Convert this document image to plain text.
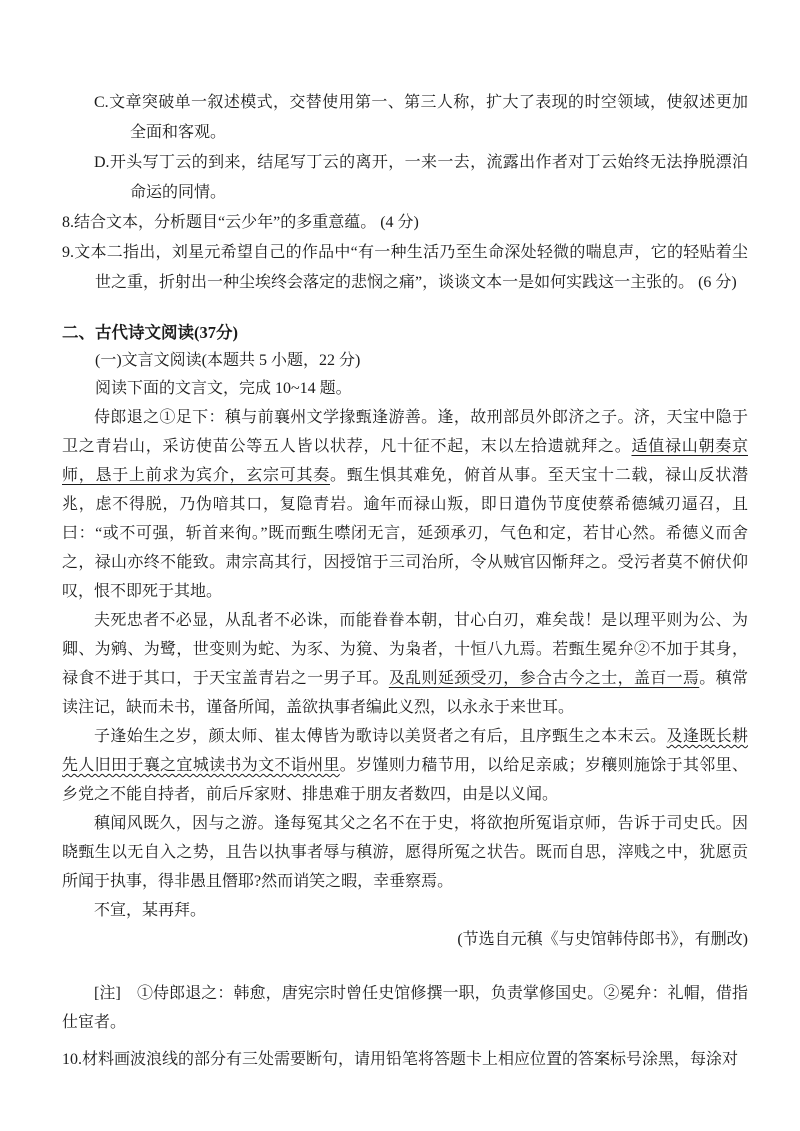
C.文章突破单一叙述模式，交替使用第一、第三人称，扩大了表现的时空领域，使叙述更加全面和客观。

D.开头写丁云的到来，结尾写丁云的离开，一来一去，流露出作者对丁云始终无法挣脱漂泊命运的同情。

8.结合文本，分析题目“云少年”的多重意蕴。 (4 分)

9.文本二指出，刘星元希望自己的作品中“有一种生活乃至生命深处轻微的喘息声，它的轻贴着尘世之重，折射出一种尘埃终会落定的悲悯之痛”，谈谈文本一是如何实践这一主张的。 (6 分)

二、古代诗文阅读(37分)

(一)文言文阅读(本题共 5 小题，22 分)

阅读下面的文言文，完成 10~14 题。

侍郎退之①足下：稹与前襄州文学掾甄逢游善。逢，故刑部员外郎济之子。济，天宝中隐于卫之青岩山，采访使苗公等五人皆以状荐，凡十征不起，末以左拾遗就拜之。适值禄山朝奏京师，恳于上前求为宾介，玄宗可其奏。甄生惧其难免，俯首从事。至天宝十二载，禄山反状潜兆，虑不得脱，乃伪喑其口，复隐青岩。逾年而禄山叛，即日遣伪节度使蔡希德缄刃逼召，且曰：“或不可强，斩首来徇。”既而甄生噤闭无言，延颈承刃，气色和定，若甘心然。希德义而舍之，禄山亦终不能致。肃宗高其行，因授馆于三司治所，令从贼官囚惭拜之。受污者莫不俯伏仰叹，恨不即死于其地。

夫死忠者不必显，从乱者不必诛，而能眷眷本朝，甘心白刃，难矣哉！是以理平则为公、为卿、为鹓、为鹭，世变则为蛇、为豕、为獍、为枭者，十恒八九焉。若甄生冕弁②不加于其身，禄食不进于其口，于天宝盖青岩之一男子耳。及乱则延颈受刃，参合古今之士，盖百一焉。稹常读注记，缺而未书，谨备所闻，盖欲执事者编此义烈，以永永于来世耳。

子逢始生之岁，颜太师、崔太傅皆为歌诗以美贤者之有后，且序甄生之本末云。及逢既长耕先人旧田于襄之宜城读书为文不诣州里。岁馑则力穑节用，以给足亲戚；岁穰则施馀于其邻里、乡党之不能自持者，前后斥家财、排患难于朋友者数四，由是以义闻。

稹闻风既久，因与之游。逢每冤其父之名不在于史，将欲抱所冤诣京师，告诉于司史氏。因晓甄生以无自入之势，且告以执事者辱与稹游，愿得所冤之状告。既而自思，滓贱之中，犹愿贡所闻于执事，得非愚且僭耶?然而诮笑之暇，幸垂察焉。

不宣，某再拜。

(节选自元稹《与史馆韩侍郎书》，有删改)

[注]　①侍郎退之：韩愈，唐宪宗时曾任史馆修撰一职，负责掌修国史。②冕弁：礼帽，借指仕宦者。

10.材料画波浪线的部分有三处需要断句，请用铅笔将答题卡上相应位置的答案标号涂黑，每涂对
